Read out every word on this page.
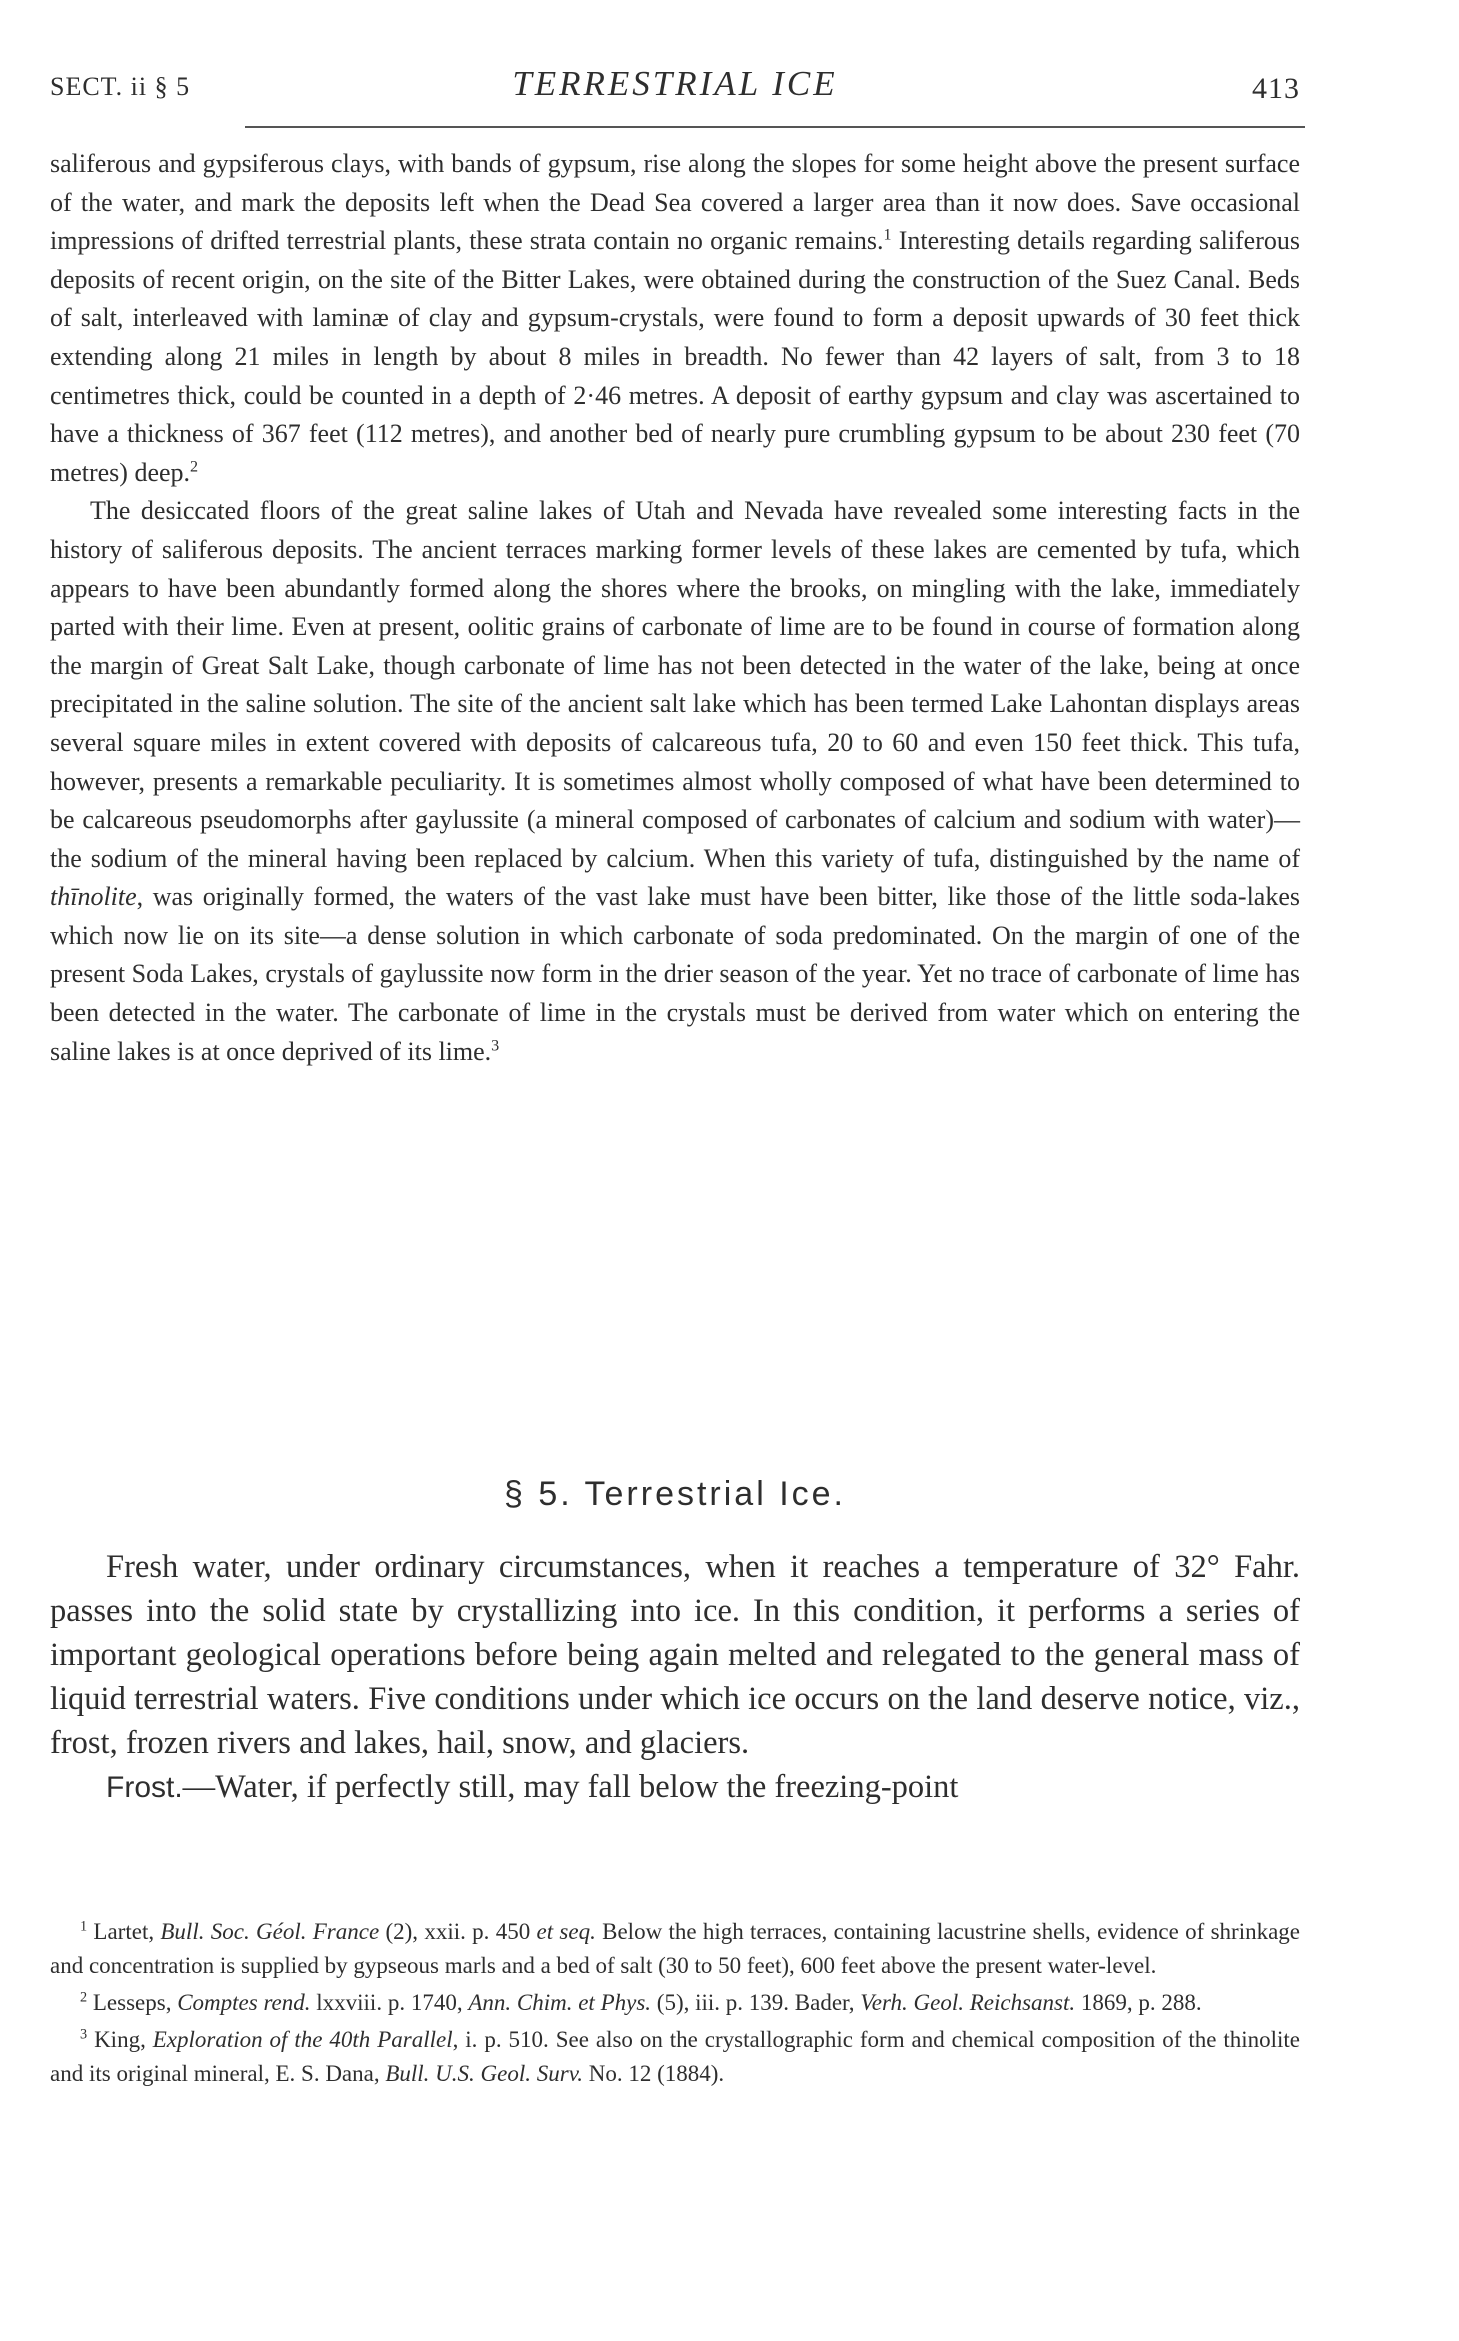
SECT. ii § 5	TERRESTRIAL ICE	413

saliferous and gypsiferous clays, with bands of gypsum, rise along the slopes for some height above the present surface of the water, and mark the deposits left when the Dead Sea covered a larger area than it now does. Save occasional impressions of drifted terrestrial plants, these strata contain no organic remains.$^1$ Interesting details regarding saliferous deposits of recent origin, on the site of the Bitter Lakes, were obtained during the construction of the Suez Canal. Beds of salt, interleaved with laminæ of clay and gypsum-crystals, were found to form a deposit upwards of 30 feet thick extending along 21 miles in length by about 8 miles in breadth. No fewer than 42 layers of salt, from 3 to 18 centimetres thick, could be counted in a depth of 2·46 metres. A deposit of earthy gypsum and clay was ascertained to have a thickness of 367 feet (112 metres), and another bed of nearly pure crumbling gypsum to be about 230 feet (70 metres) deep.$^2$

The desiccated floors of the great saline lakes of Utah and Nevada have revealed some interesting facts in the history of saliferous deposits. The ancient terraces marking former levels of these lakes are cemented by tufa, which appears to have been abundantly formed along the shores where the brooks, on mingling with the lake, immediately parted with their lime. Even at present, oolitic grains of carbonate of lime are to be found in course of formation along the margin of Great Salt Lake, though carbonate of lime has not been detected in the water of the lake, being at once precipitated in the saline solution. The site of the ancient salt lake which has been termed Lake Lahontan displays areas several square miles in extent covered with deposits of calcareous tufa, 20 to 60 and even 150 feet thick. This tufa, however, presents a remarkable peculiarity. It is sometimes almost wholly composed of what have been determined to be calcareous pseudomorphs after gaylussite (a mineral composed of carbonates of calcium and sodium with water)—the sodium of the mineral having been replaced by calcium. When this variety of tufa, distinguished by the name of thīnolite, was originally formed, the waters of the vast lake must have been bitter, like those of the little soda-lakes which now lie on its site—a dense solution in which carbonate of soda predominated. On the margin of one of the present Soda Lakes, crystals of gaylussite now form in the drier season of the year. Yet no trace of carbonate of lime has been detected in the water. The carbonate of lime in the crystals must be derived from water which on entering the saline lakes is at once deprived of its lime.$^3$

§ 5. Terrestrial Ice.

Fresh water, under ordinary circumstances, when it reaches a temperature of 32° Fahr. passes into the solid state by crystallizing into ice. In this condition, it performs a series of important geological operations before being again melted and relegated to the general mass of liquid terrestrial waters. Five conditions under which ice occurs on the land deserve notice, viz., frost, frozen rivers and lakes, hail, snow, and glaciers.

Frost.—Water, if perfectly still, may fall below the freezing-point

$^1$ Lartet, Bull. Soc. Géol. France (2), xxii. p. 450 et seq. Below the high terraces, containing lacustrine shells, evidence of shrinkage and concentration is supplied by gypseous marls and a bed of salt (30 to 50 feet), 600 feet above the present water-level.

$^2$ Lesseps, Comptes rend. lxxviii. p. 1740, Ann. Chim. et Phys. (5), iii. p. 139. Bader, Verh. Geol. Reichsanst. 1869, p. 288.

$^3$ King, Exploration of the 40th Parallel, i. p. 510. See also on the crystallographic form and chemical composition of the thinolite and its original mineral, E. S. Dana, Bull. U.S. Geol. Surv. No. 12 (1884).
